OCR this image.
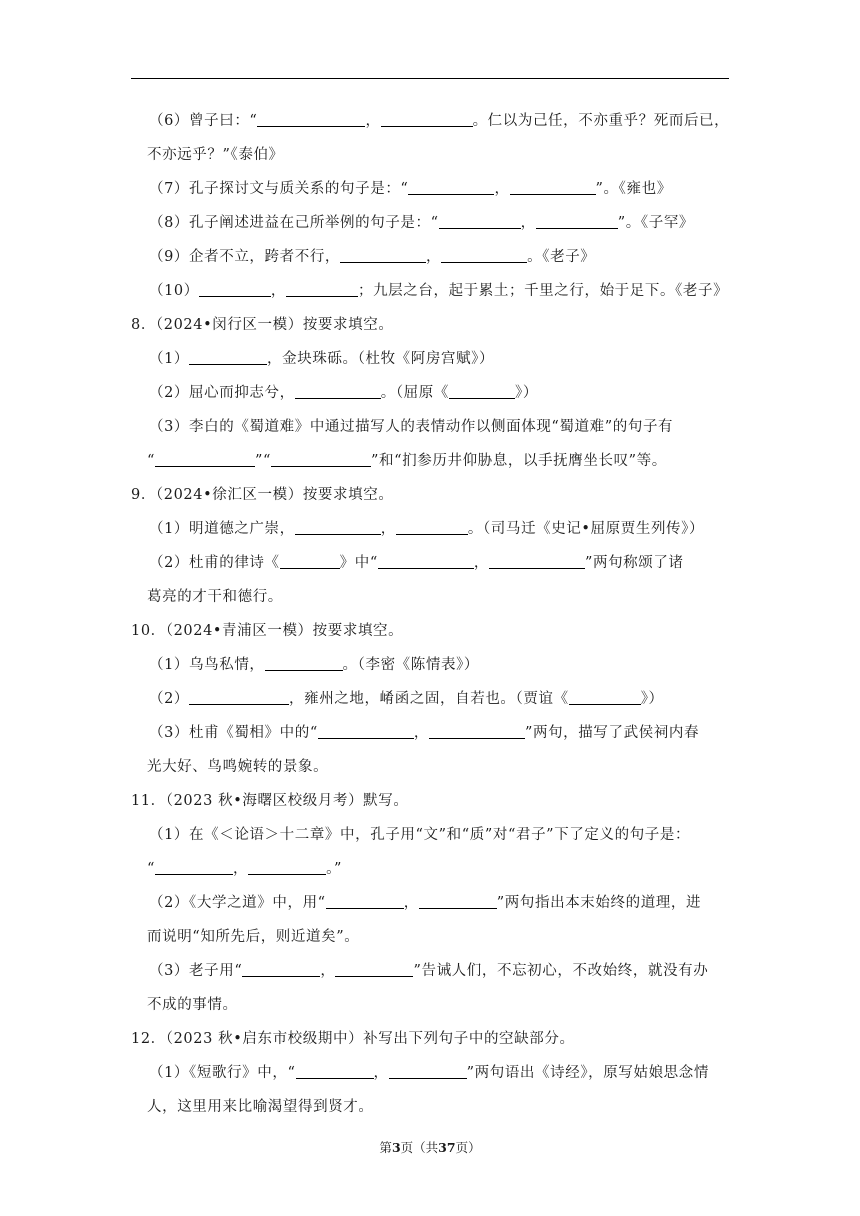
（6）曾子曰：“	，	。仁以为己任，不亦重乎？死而后已，
不亦远乎？”《泰伯》
（7）孔子探讨文与质关系的句子是：“	，	”。《雍也》
（8）孔子阐述进益在己所举例的句子是：“	，	”。《子罕》
（9）企者不立，跨者不行，	，	。《老子》
（10）	，	；九层之台，起于累土；千里之行，始于足下。《老子》
8．（2024•闵行区一模）按要求填空。
（1）	，金块珠砾。（杜牧《阿房宫赋》）
（2）屈心而抑志兮，	。（屈原《	》）
（3）李白的《蜀道难》中通过描写人的表情动作以侧面体现“蜀道难”的句子有
“	”“	”和“扪参历井仰胁息，以手抚膺坐长叹”等。
9．（2024•徐汇区一模）按要求填空。
（1）明道德之广崇，	，	。（司马迁《史记•屈原贾生列传》）
（2）杜甫的律诗《	》中“	，	”两句称颂了诸
葛亮的才干和德行。
10．（2024•青浦区一模）按要求填空。
（1）乌鸟私情，	。（李密《陈情表》）
（2）	，雍州之地，崤函之固，自若也。（贾谊《	》）
（3）杜甫《蜀相》中的“	，	”两句，描写了武侯祠内春
光大好、鸟鸣婉转的景象。
11．（2023 秋•海曙区校级月考）默写。
（1）在《＜论语＞十二章》中，孔子用“文”和“质”对“君子”下了定义的句子是：
“	，	。”
（2）《大学之道》中，用“	，	”两句指出本末始终的道理，进
而说明“知所先后，则近道矣”。
（3）老子用“	，	”告诫人们，不忘初心，不改始终，就没有办
不成的事情。
12．（2023 秋•启东市校级期中）补写出下列句子中的空缺部分。
（1）《短歌行》中，“	，	”两句语出《诗经》，原写姑娘思念情
人，这里用来比喻渴望得到贤才。
第3页（共37页）
